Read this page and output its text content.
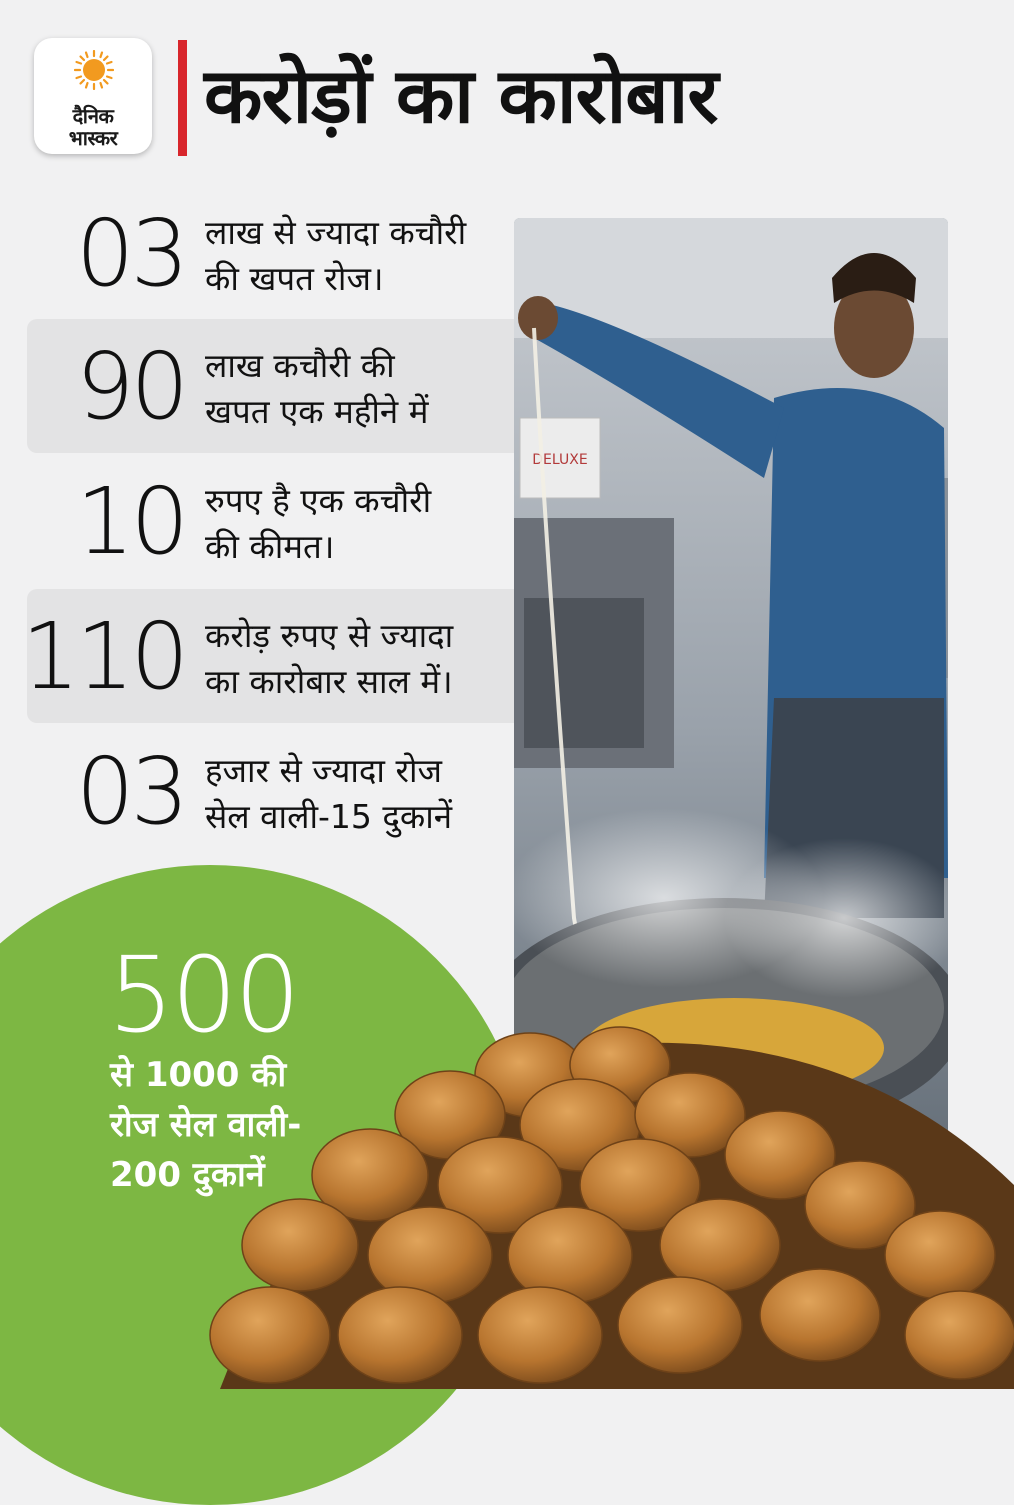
दैनिक
भास्कर	करोड़ों का कारोबार
03 लाख से ज्यादा कचौरी
की खपत रोज।
90 लाख कचौरी की
खपत एक महीने में
10 रुपए है एक कचौरी
की कीमत।
110 करोड़ रुपए से ज्यादा
का कारोबार साल में।
03 हजार से ज्यादा रोज
सेल वाली-15 दुकानें
DELUXE
500
से 1000 की
रोज सेल वाली-
200 दुकानें
